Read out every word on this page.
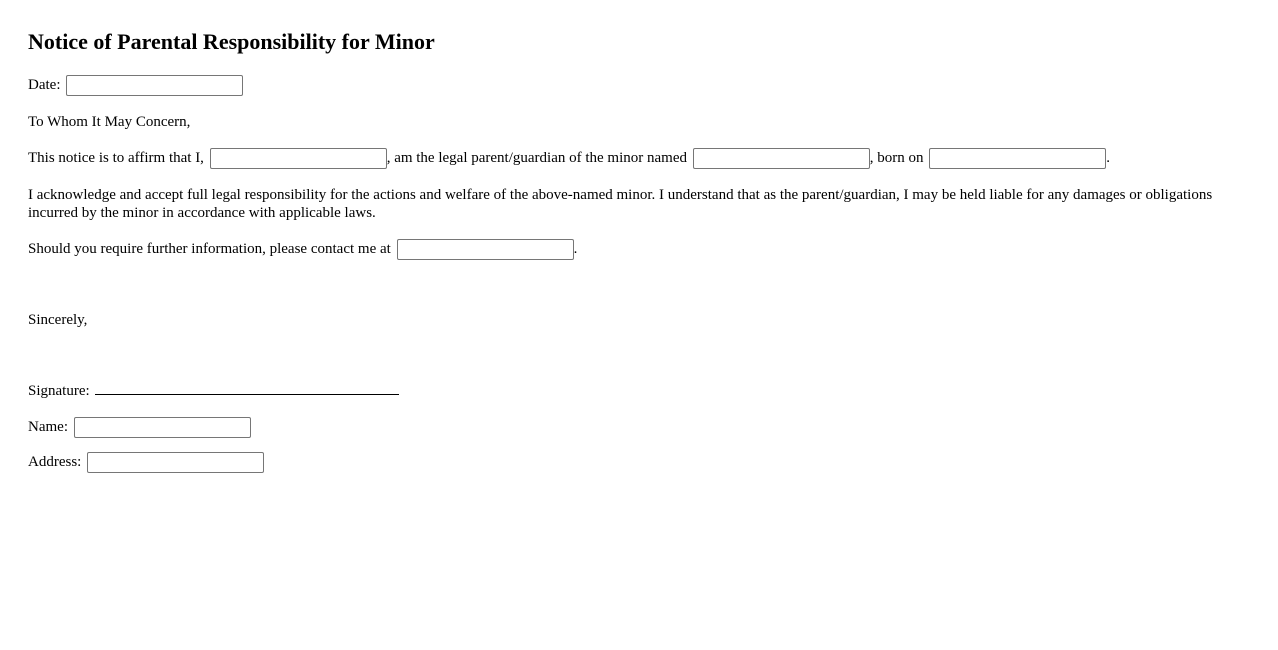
Notice of Parental Responsibility for Minor

Date:

To Whom It May Concern,

This notice is to affirm that I,	, am the legal parent/guardian of the minor named	, born on	.

I acknowledge and accept full legal responsibility for the actions and welfare of the above-named minor. I understand that as the parent/guardian, I may be held liable for any damages or obligations incurred by the minor in accordance with applicable laws.

Should you require further information, please contact me at	.

Sincerely,

Signature:

Name:

Address:
